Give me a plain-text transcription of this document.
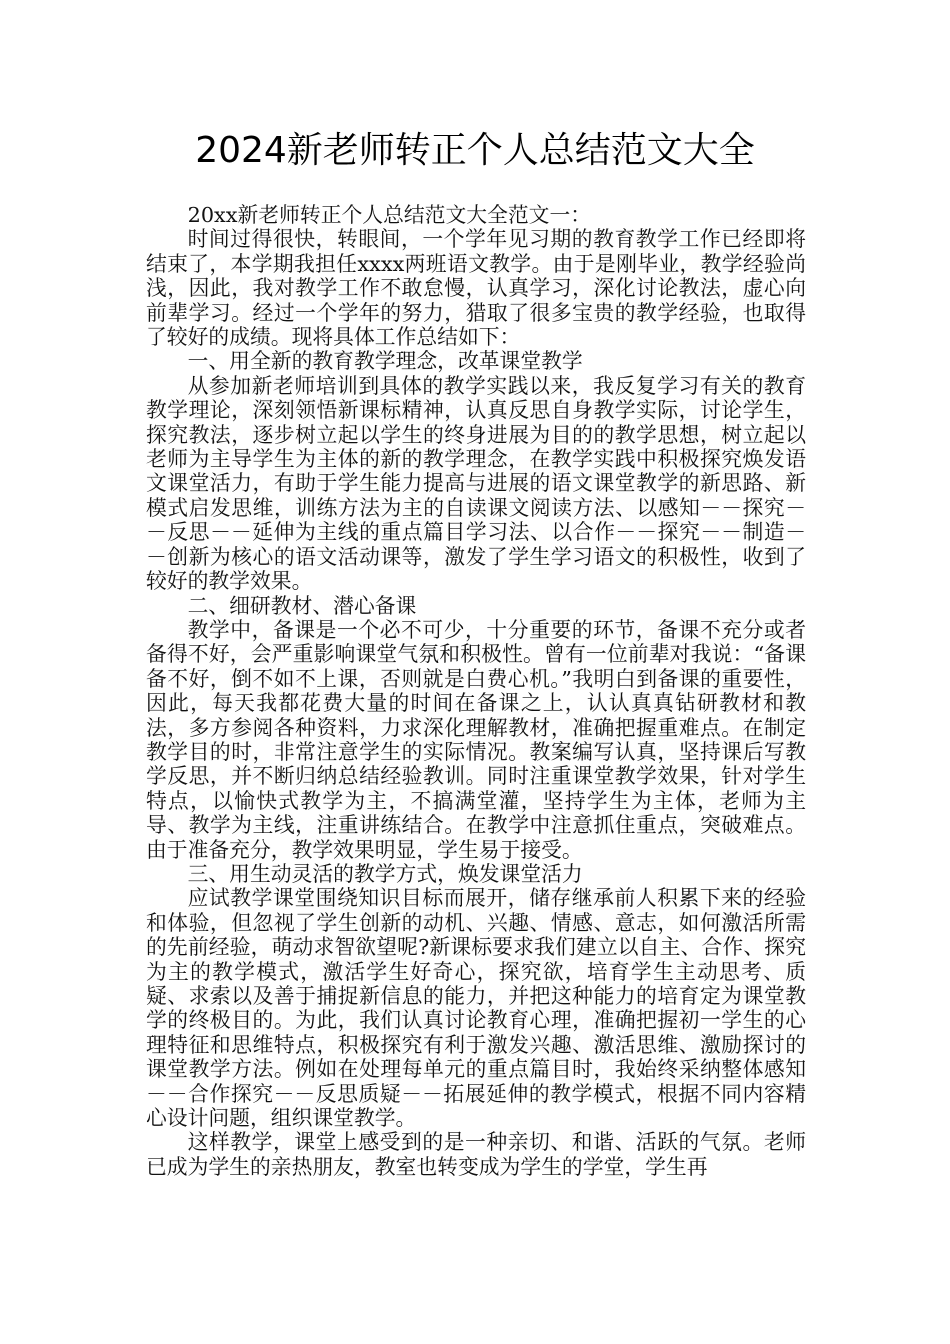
2024新老师转正个人总结范文大全

20xx新老师转正个人总结范文大全范文一：

时间过得很快，转眼间，一个学年见习期的教育教学工作已经即将结束了，本学期我担任xxxx两班语文教学。由于是刚毕业，教学经验尚浅，因此，我对教学工作不敢怠慢，认真学习，深化讨论教法，虚心向前辈学习。经过一个学年的努力，猎取了很多宝贵的教学经验，也取得了较好的成绩。现将具体工作总结如下：

一、用全新的教育教学理念，改革课堂教学

从参加新老师培训到具体的教学实践以来，我反复学习有关的教育教学理论，深刻领悟新课标精神，认真反思自身教学实际，讨论学生，探究教法，逐步树立起以学生的终身进展为目的的教学思想，树立起以老师为主导学生为主体的新的教学理念，在教学实践中积极探究焕发语文课堂活力，有助于学生能力提高与进展的语文课堂教学的新思路、新模式启发思维，训练方法为主的自读课文阅读方法、以感知－－探究－－反思－－延伸为主线的重点篇目学习法、以合作－－探究－－制造－－创新为核心的语文活动课等，激发了学生学习语文的积极性，收到了较好的教学效果。

二、细研教材、潜心备课

教学中，备课是一个必不可少，十分重要的环节，备课不充分或者备得不好，会严重影响课堂气氛和积极性。曾有一位前辈对我说：“备课备不好，倒不如不上课，否则就是白费心机。”我明白到备课的重要性，因此，每天我都花费大量的时间在备课之上，认认真真钻研教材和教法，多方参阅各种资料，力求深化理解教材，准确把握重难点。在制定教学目的时，非常注意学生的实际情况。教案编写认真，坚持课后写教学反思，并不断归纳总结经验教训。同时注重课堂教学效果，针对学生特点，以愉快式教学为主，不搞满堂灌，坚持学生为主体，老师为主导、教学为主线，注重讲练结合。在教学中注意抓住重点，突破难点。由于准备充分，教学效果明显，学生易于接受。

三、用生动灵活的教学方式，焕发课堂活力

应试教学课堂围绕知识目标而展开，储存继承前人积累下来的经验和体验，但忽视了学生创新的动机、兴趣、情感、意志，如何激活所需的先前经验，萌动求智欲望呢?新课标要求我们建立以自主、合作、探究为主的教学模式，激活学生好奇心，探究欲，培育学生主动思考、质疑、求索以及善于捕捉新信息的能力，并把这种能力的培育定为课堂教学的终极目的。为此，我们认真讨论教育心理，准确把握初一学生的心理特征和思维特点，积极探究有利于激发兴趣、激活思维、激励探讨的课堂教学方法。例如在处理每单元的重点篇目时，我始终采纳整体感知－－合作探究－－反思质疑－－拓展延伸的教学模式，根据不同内容精心设计问题，组织课堂教学。

这样教学，课堂上感受到的是一种亲切、和谐、活跃的气氛。老师已成为学生的亲热朋友，教室也转变成为学生的学堂，学生再
